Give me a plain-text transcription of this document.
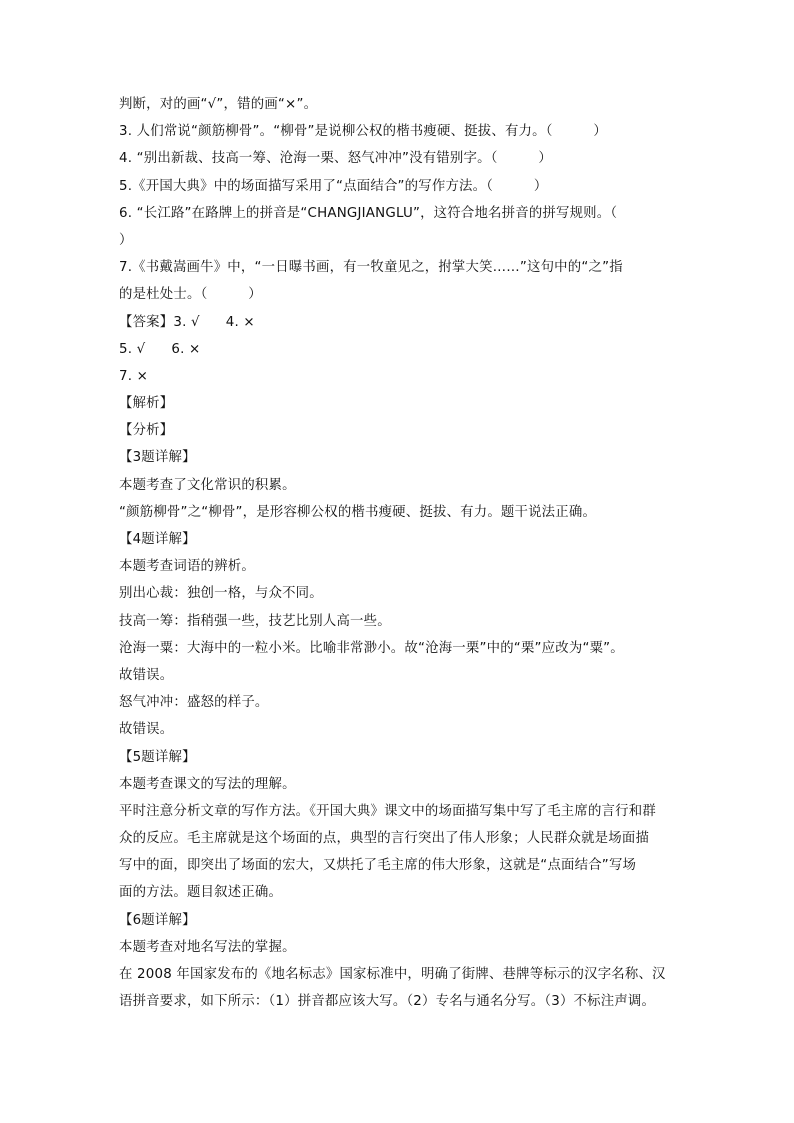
判断，对的画“√”，错的画“×”。
3. 人们常说“颜筋柳骨”。“柳骨”是说柳公权的楷书瘦硬、挺拔、有力。（　　　）
4. “别出新裁、技高一筹、沧海一栗、怒气冲冲”没有错别字。（　　　）
5.《开国大典》中的场面描写采用了“点面结合”的写作方法。（　　　）
6. “长江路”在路牌上的拼音是“CHANGJIANGLU”，这符合地名拼音的拼写规则。（
）
7.《书戴嵩画牛》中，“一日曝书画，有一牧童见之，拊掌大笑……”这句中的“之”指
的是杜处士。（　　　）
【答案】3. √ 4. ×
5. √ 6. ×
7. ×
【解析】
【分析】
【3题详解】
本题考查了文化常识的积累。
“颜筋柳骨”之“柳骨”，是形容柳公权的楷书瘦硬、挺拔、有力。题干说法正确。
【4题详解】
本题考查词语的辨析。
别出心裁：独创一格，与众不同。
技高一筹：指稍强一些，技艺比别人高一些。
沧海一粟：大海中的一粒小米。比喻非常渺小。故“沧海一栗”中的“栗”应改为“粟”。
故错误。
怒气冲冲：盛怒的样子。
故错误。
【5题详解】
本题考查课文的写法的理解。
平时注意分析文章的写作方法。《开国大典》课文中的场面描写集中写了毛主席的言行和群
众的反应。毛主席就是这个场面的点，典型的言行突出了伟人形象；人民群众就是场面描
写中的面，即突出了场面的宏大，又烘托了毛主席的伟大形象，这就是“点面结合”写场
面的方法。题目叙述正确。
【6题详解】
本题考查对地名写法的掌握。
在 2008 年国家发布的《地名标志》国家标准中，明确了街牌、巷牌等标示的汉字名称、汉
语拼音要求，如下所示：（1）拼音都应该大写。（2）专名与通名分写。（3）不标注声调。
